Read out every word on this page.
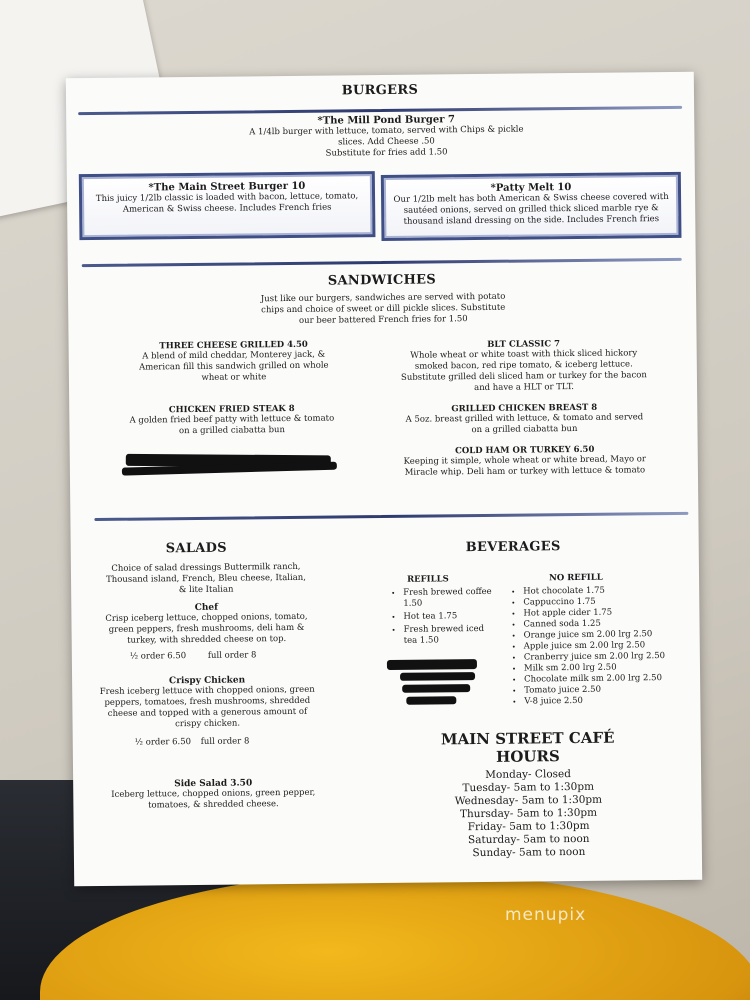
BURGERS
*The Mill Pond Burger 7
A 1/4lb burger with lettuce, tomato, served with Chips & pickle slices. Add Cheese .50
Substitute for fries add 1.50
*The Main Street Burger 10
This juicy 1/2lb classic is loaded with bacon, lettuce, tomato, American & Swiss cheese. Includes French fries
*Patty Melt 10
Our 1/2lb melt has both American & Swiss cheese covered with sautéed onions, served on grilled thick sliced marble rye & thousand island dressing on the side. Includes French fries
SANDWICHES
Just like our burgers, sandwiches are served with potato chips and choice of sweet or dill pickle slices. Substitute our beer battered French fries for 1.50
THREE CHEESE GRILLED 4.50
A blend of mild cheddar, Monterey jack, & American fill this sandwich grilled on whole wheat or white
BLT CLASSIC 7
Whole wheat or white toast with thick sliced hickory smoked bacon, red ripe tomato, & iceberg lettuce. Substitute grilled deli sliced ham or turkey for the bacon and have a HLT or TLT.
CHICKEN FRIED STEAK 8
A golden fried beef patty with lettuce & tomato on a grilled ciabatta bun
GRILLED CHICKEN BREAST 8
A 5oz. breast grilled with lettuce, & tomato and served on a grilled ciabatta bun
COLD HAM OR TURKEY 6.50
Keeping it simple, whole wheat or white bread, Mayo or Miracle whip. Deli ham or turkey with lettuce & tomato
SALADS
Choice of salad dressings Buttermilk ranch, Thousand island, French, Bleu cheese, Italian, & lite Italian
Chef
Crisp iceberg lettuce, chopped onions, tomato, green peppers, fresh mushrooms, deli ham & turkey, with shredded cheese on top.
½ order 6.50	full order 8
Crispy Chicken
Fresh iceberg lettuce with chopped onions, green peppers, tomatoes, fresh mushrooms, shredded cheese and topped with a generous amount of crispy chicken.
½ order 6.50 full order 8
Side Salad 3.50
Iceberg lettuce, chopped onions, green pepper, tomatoes, & shredded cheese.
BEVERAGES
REFILLS
• Fresh brewed coffee 1.50
• Hot tea 1.75
• Fresh brewed iced tea 1.50
NO REFILL
• Hot chocolate 1.75
• Cappuccino 1.75
• Hot apple cider 1.75
• Canned soda 1.25
• Orange juice sm 2.00 lrg 2.50
• Apple juice sm 2.00 lrg 2.50
• Cranberry juice sm 2.00 lrg 2.50
• Milk sm 2.00 lrg 2.50
• Chocolate milk sm 2.00 lrg 2.50
• Tomato juice 2.50
• V-8 juice 2.50
MAIN STREET CAFÉ
HOURS
Monday- Closed
Tuesday- 5am to 1:30pm
Wednesday- 5am to 1:30pm
Thursday- 5am to 1:30pm
Friday- 5am to 1:30pm
Saturday- 5am to noon
Sunday- 5am to noon
menupix
